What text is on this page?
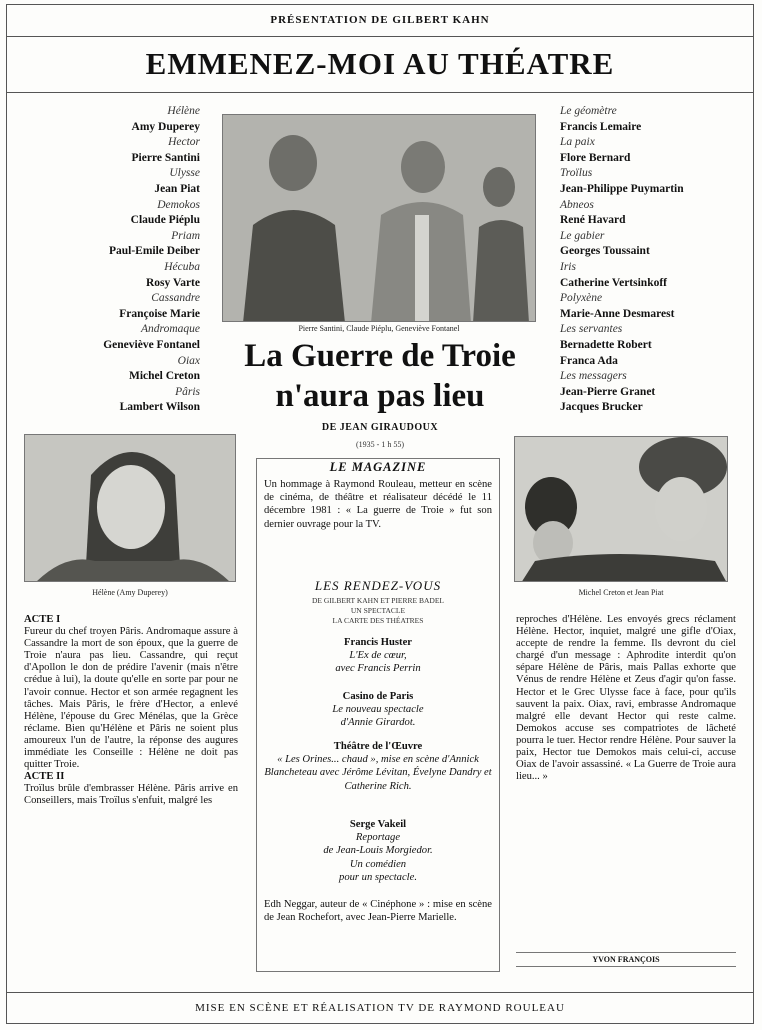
PRÉSENTATION DE GILBERT KAHN
EMMENEZ-MOI AU THÉATRE
Hélène
Amy Duperey
Hector
Pierre Santini
Ulysse
Jean Piat
Demokos
Claude Piéplu
Priam
Paul-Emile Deiber
Hécuba
Rosy Varte
Cassandre
Françoise Marie
Andromaque
Geneviève Fontanel
Oiax
Michel Creton
Pâris
Lambert Wilson
Pierre Santini, Claude Piéplu, Geneviève Fontanel
Le géomètre
Francis Lemaire
La paix
Flore Bernard
Troïlus
Jean-Philippe Puymartin
Abneos
René Havard
Le gabier
Georges Toussaint
Iris
Catherine Vertsinkoff
Polyxène
Marie-Anne Desmarest
Les servantes
Bernadette Robert
Franca Ada
Les messagers
Jean-Pierre Granet
Jacques Brucker
La Guerre de Troie
n'aura pas lieu
DE JEAN GIRAUDOUX
(1935 - 1 h 55)
Hélène (Amy Duperey)	Michel Creton et Jean Piat
LE MAGAZINE
Un hommage à Raymond Rouleau, metteur en scène de cinéma, de théâtre et réalisateur décédé le 11 décembre 1981 : « La guerre de Troie » fut son dernier ouvrage pour la TV.
LES RENDEZ-VOUS
DE GILBERT KAHN ET PIERRE BADEL
UN SPECTACLE
LA CARTE DES THÉATRES
Francis Huster
L'Ex de cœur,
avec Francis Perrin
Casino de Paris
Le nouveau spectacle
d'Annie Girardot.
Théâtre de l'Œuvre
« Les Orines... chaud », mise en scène d'Annick Blancheteau avec Jérôme Lévitan, Évelyne Dandry et Catherine Rich.
Serge Vakeil
Reportage
de Jean-Louis Morgiedor.
Un comédien
pour un spectacle.
Edh Neggar, auteur de « Cinéphone » : mise en scène de Jean Rochefort, avec Jean-Pierre Marielle.
ACTE I
Fureur du chef troyen Pâris. Andromaque assure à Cassandre la mort de son époux, que la guerre de Troie n'aura pas lieu. Cassandre, qui reçut d'Apollon le don de prédire l'avenir (mais n'être crédue à lui), la doute qu'elle en sorte par pour ne l'avoir connue. Hector et son armée regagnent les tâches. Mais Pâris, le frère d'Hector, a enlevé Hélène, l'épouse du Grec Ménélas, que la Grèce réclame. Bien qu'Hélène et Pâris ne soient plus amoureux l'un de l'autre, la réponse des augures immédiate les Conseille : Hélène ne doit pas quitter Troie.
ACTE II
Troïlus brûle d'embrasser Hélène. Pâris arrive en Conseillers, mais Troïlus s'enfuit, malgré les
reproches d'Hélène. Les envoyés grecs réclament Hélène. Hector, inquiet, malgré une gifle d'Oiax, accepte de rendre la femme. Ils devront du ciel chargé d'un message : Aphrodite interdit qu'on sépare Hélène de Pâris, mais Pallas exhorte que Vénus de rendre Hélène et Zeus d'agir qu'on fasse. Hector et le Grec Ulysse face à face, pour qu'ils sauvent la paix. Oiax, ravi, embrasse Andromaque malgré elle devant Hector qui reste calme. Demokos accuse ses compatriotes de lâcheté pourra le tuer. Hector rendre Hélène. Pour sauver la paix, Hector tue Demokos mais celui-ci, accuse Oiax de l'avoir assassiné. « La Guerre de Troie aura lieu... »
YVON FRANÇOIS
MISE EN SCÈNE ET RÉALISATION TV DE RAYMOND ROULEAU
